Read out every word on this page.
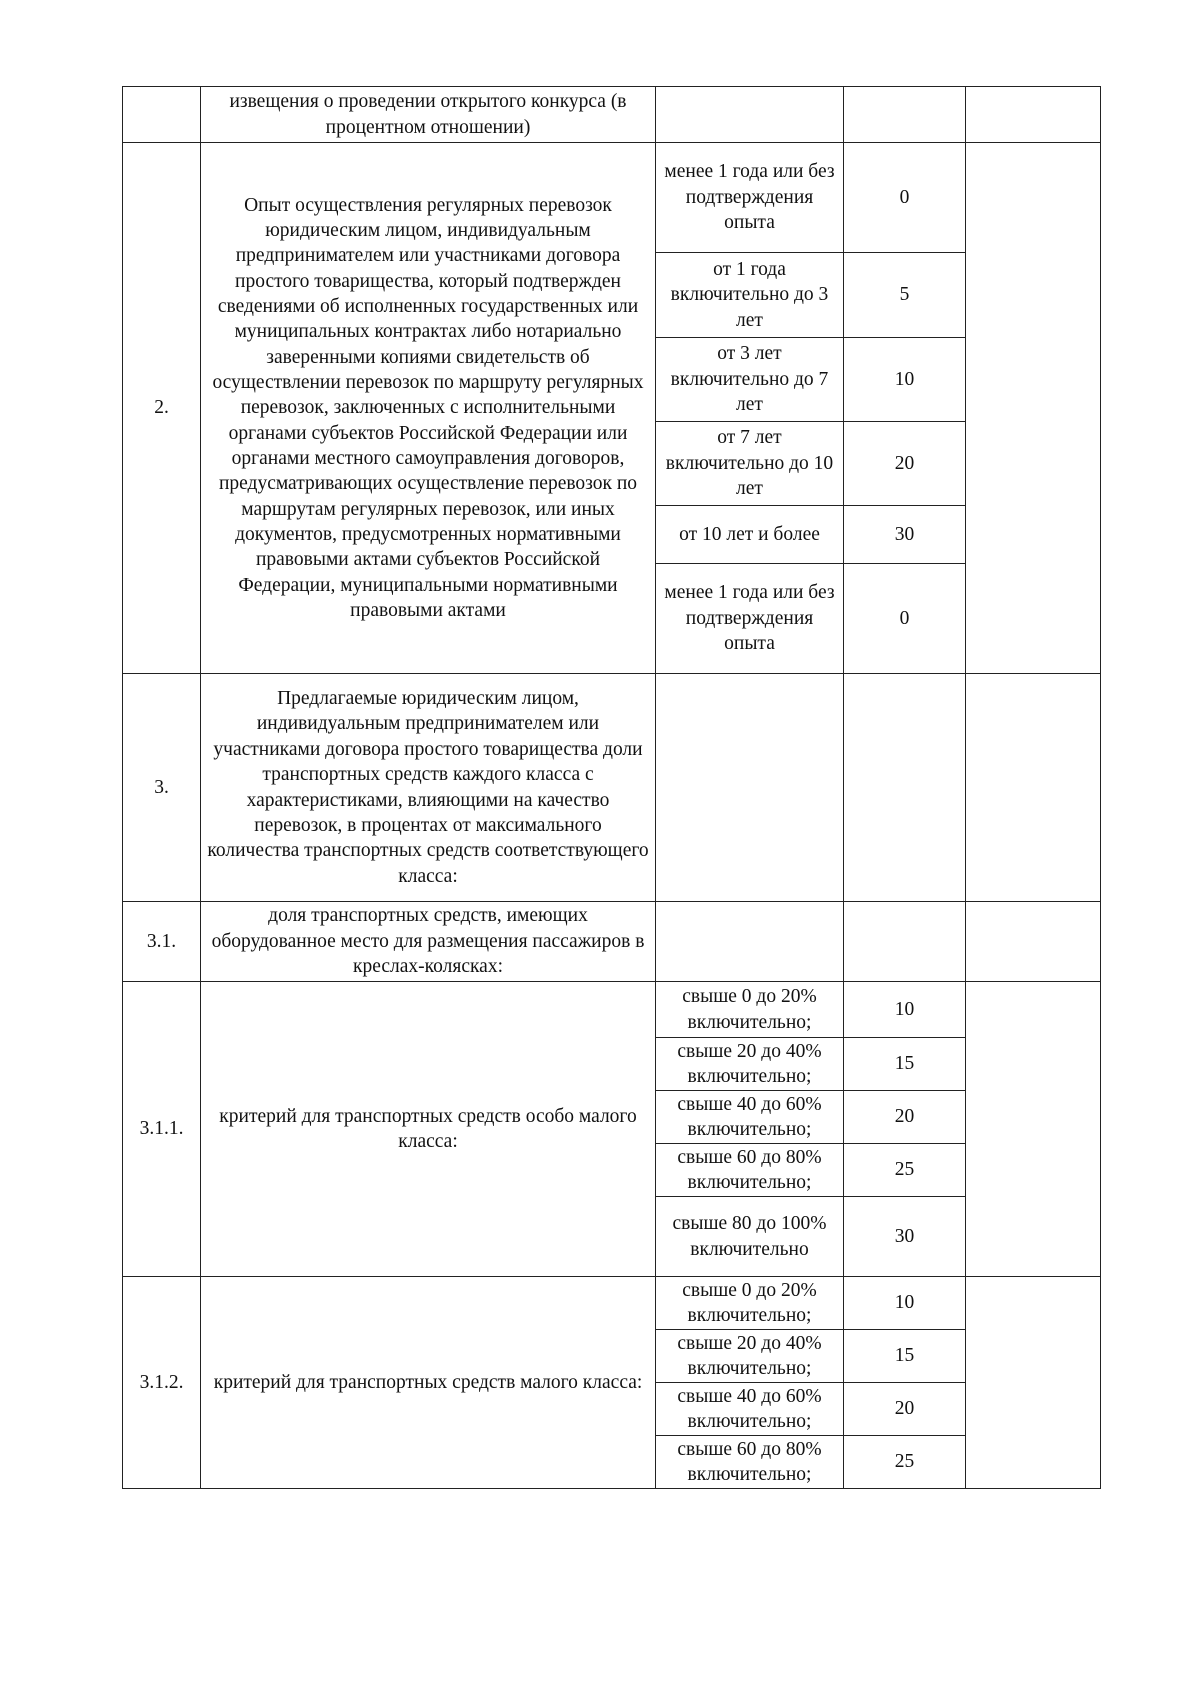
	извещения о проведении открытого конкурса (в процентном отношении)			
2.	Опыт осуществления регулярных перевозок юридическим лицом, индивидуальным предпринимателем или участниками договора простого товарищества, который подтвержден сведениями об исполненных государственных или муниципальных контрактах либо нотариально заверенными копиями свидетельств об осуществлении перевозок по маршруту регулярных перевозок, заключенных с исполнительными органами субъектов Российской Федерации или органами местного самоуправления договоров, предусматривающих осуществление перевозок по маршрутам регулярных перевозок, или иных документов, предусмотренных нормативными правовыми актами субъектов Российской Федерации, муниципальными нормативными правовыми актами	менее 1 года или без подтверждения опыта	0	
		от 1 года включительно до 3 лет	5	
		от 3 лет включительно до 7 лет	10	
		от 7 лет включительно до 10 лет	20	
		от 10 лет и более	30	
		менее 1 года или без подтверждения опыта	0	
3.	Предлагаемые юридическим лицом, индивидуальным предпринимателем или участниками договора простого товарищества доли транспортных средств каждого класса с характеристиками, влияющими на качество перевозок, в процентах от максимального количества транспортных средств соответствующего класса:			
3.1.	доля транспортных средств, имеющих оборудованное место для размещения пассажиров в креслах-колясках:			
3.1.1.	критерий для транспортных средств особо малого класса:	свыше 0 до 20% включительно;	10	
		свыше 20 до 40% включительно;	15	
		свыше 40 до 60% включительно;	20	
		свыше 60 до 80% включительно;	25	
		свыше 80 до 100% включительно	30	
3.1.2.	критерий для транспортных средств малого класса:	свыше 0 до 20% включительно;	10	
		свыше 20 до 40% включительно;	15	
		свыше 40 до 60% включительно;	20	
		свыше 60 до 80% включительно;	25	
